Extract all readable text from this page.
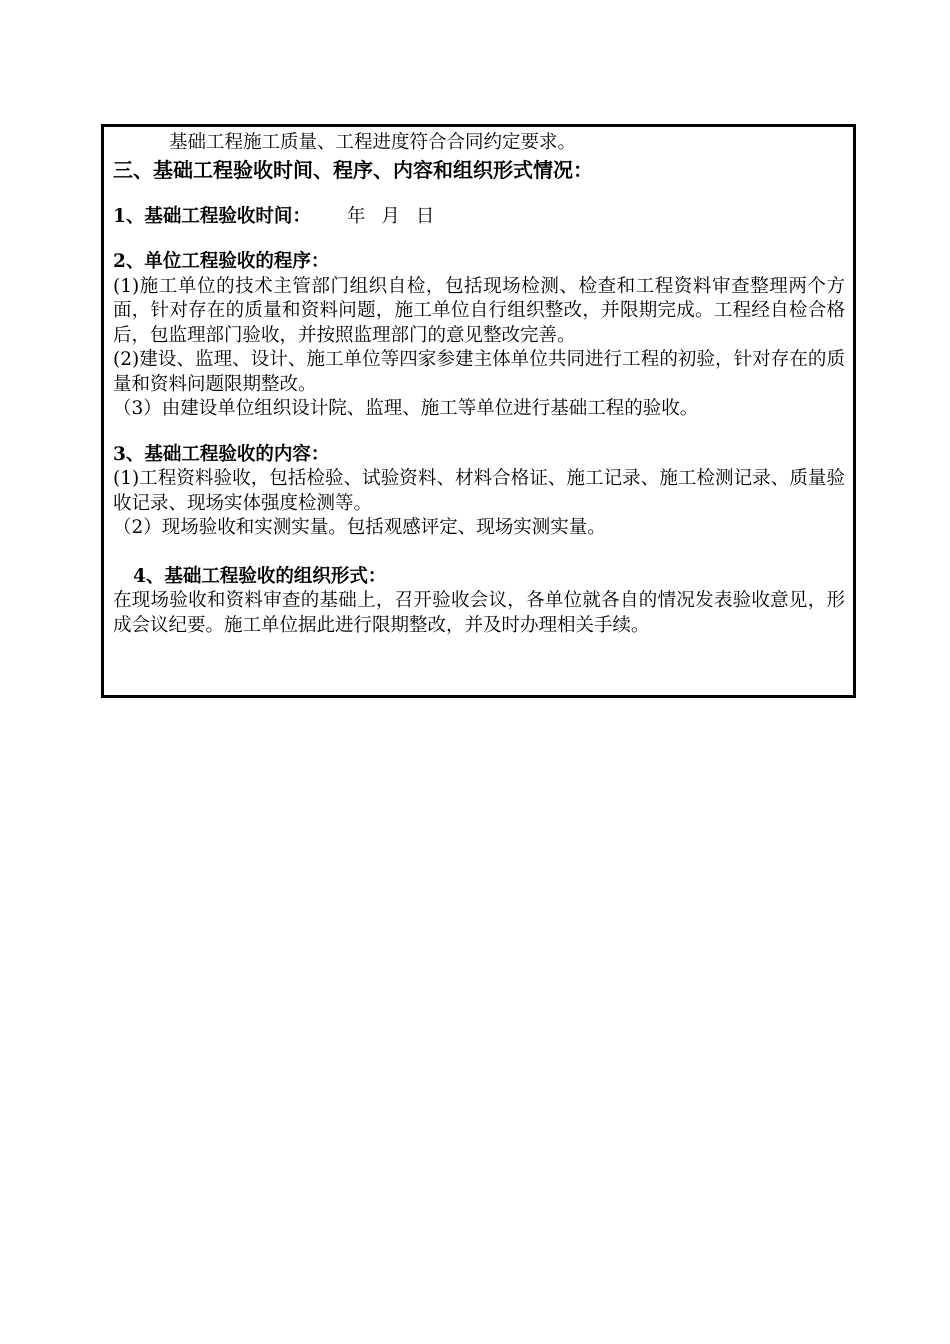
基础工程施工质量、工程进度符合合同约定要求。

三、基础工程验收时间、程序、内容和组织形式情况：

1、基础工程验收时间： 年 月 日

2、单位工程验收的程序：

(1)施工单位的技术主管部门组织自检，包括现场检测、检查和工程资料审查整理两个方面，针对存在的质量和资料问题，施工单位自行组织整改，并限期完成。工程经自检合格后，包监理部门验收，并按照监理部门的意见整改完善。

(2)建设、监理、设计、施工单位等四家参建主体单位共同进行工程的初验，针对存在的质量和资料问题限期整改。

（3）由建设单位组织设计院、监理、施工等单位进行基础工程的验收。

3、基础工程验收的内容：

(1)工程资料验收，包括检验、试验资料、材料合格证、施工记录、施工检测记录、质量验收记录、现场实体强度检测等。

（2）现场验收和实测实量。包括观感评定、现场实测实量。

4、基础工程验收的组织形式：

在现场验收和资料审查的基础上，召开验收会议，各单位就各自的情况发表验收意见，形成会议纪要。施工单位据此进行限期整改，并及时办理相关手续。
